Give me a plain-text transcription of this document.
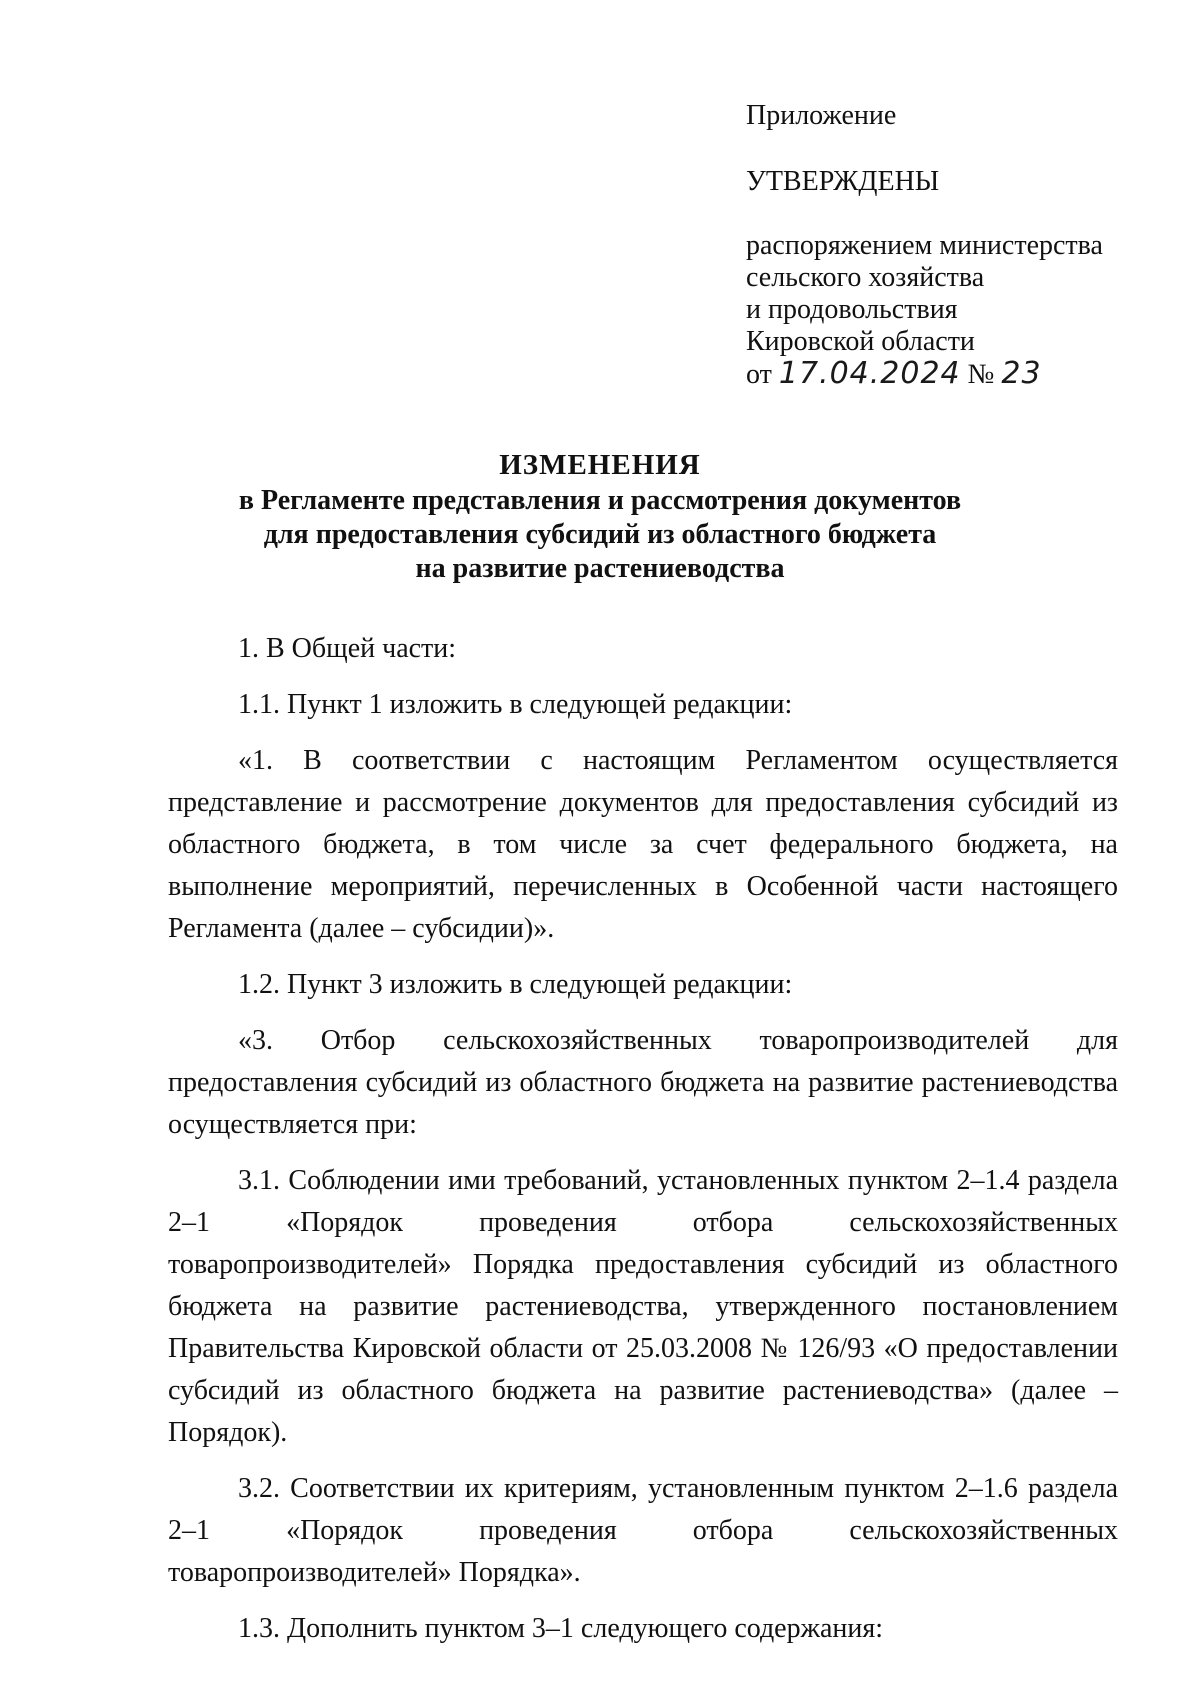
Приложение

УТВЕРЖДЕНЫ

распоряжением министерства
сельского хозяйства
и продовольствия
Кировской области
от 17.04.2024 № 23
ИЗМЕНЕНИЯ
в Регламенте представления и рассмотрения документов
для предоставления субсидий из областного бюджета
на развитие растениеводства

1. В Общей части:

1.1. Пункт 1 изложить в следующей редакции:

«1. В соответствии с настоящим Регламентом осуществляется представление и рассмотрение документов для предоставления субсидий из областного бюджета, в том числе за счет федерального бюджета, на выполнение мероприятий, перечисленных в Особенной части настоящего Регламента (далее – субсидии)».

1.2. Пункт 3 изложить в следующей редакции:

«3. Отбор сельскохозяйственных товаропроизводителей для предоставления субсидий из областного бюджета на развитие растениеводства осуществляется при:

3.1. Соблюдении ими требований, установленных пунктом 2–1.4 раздела 2–1 «Порядок проведения отбора сельскохозяйственных товаропроизводителей» Порядка предоставления субсидий из областного бюджета на развитие растениеводства, утвержденного постановлением Правительства Кировской области от 25.03.2008 № 126/93 «О предоставлении субсидий из областного бюджета на развитие растениеводства» (далее – Порядок).

3.2. Соответствии их критериям, установленным пунктом 2–1.6 раздела 2–1 «Порядок проведения отбора сельскохозяйственных товаропроизводителей» Порядка».

1.3. Дополнить пунктом 3–1 следующего содержания:
